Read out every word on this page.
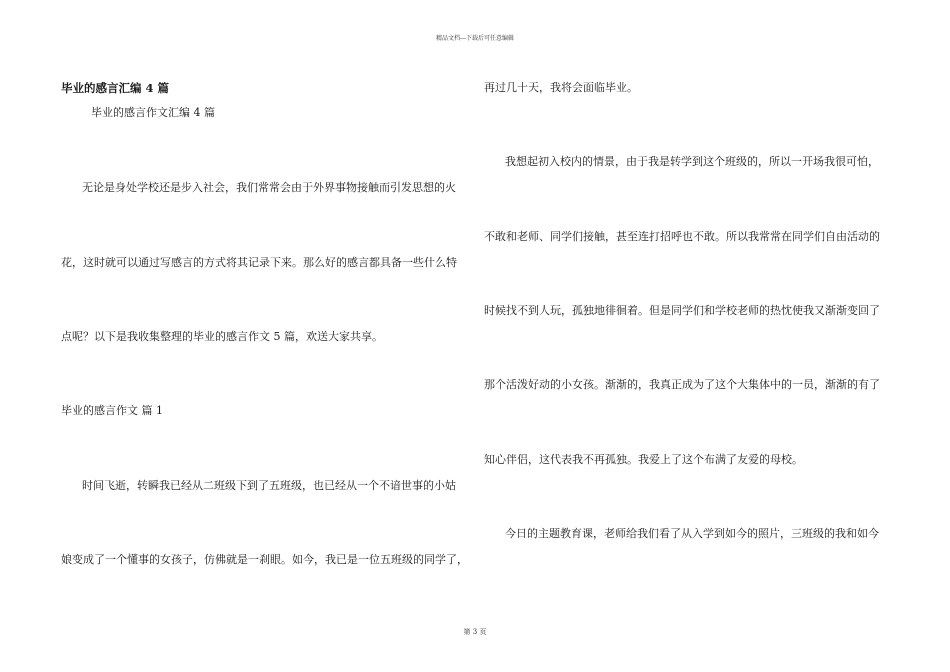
精品文档---下载后可任意编辑

毕业的感言汇编 4 篇

毕业的感言作文汇编 4 篇

无论是身处学校还是步入社会，我们常常会由于外界事物接触而引发思想的火

花，这时就可以通过写感言的方式将其记录下来。那么好的感言都具备一些什么特

点呢？以下是我收集整理的毕业的感言作文 5 篇，欢送大家共享。

毕业的感言作文 篇 1

时间飞逝，转瞬我已经从二班级下到了五班级，也已经从一个不谙世事的小姑

娘变成了一个懂事的女孩子，仿佛就是一刹眼。如今，我已是一位五班级的同学了，

再过几十天，我将会面临毕业。

我想起初入校内的情景，由于我是转学到这个班级的，所以一开场我很可怕，

不敢和老师、同学们接触，甚至连打招呼也不敢。所以我常常在同学们自由活动的

时候找不到人玩，孤独地徘徊着。但是同学们和学校老师的热忱使我又渐渐变回了

那个活泼好动的小女孩。渐渐的，我真正成为了这个大集体中的一员，渐渐的有了

知心伴侣，这代表我不再孤独。我爱上了这个布满了友爱的母校。

今日的主题教育课，老师给我们看了从入学到如今的照片，三班级的我和如今

第 3 页
